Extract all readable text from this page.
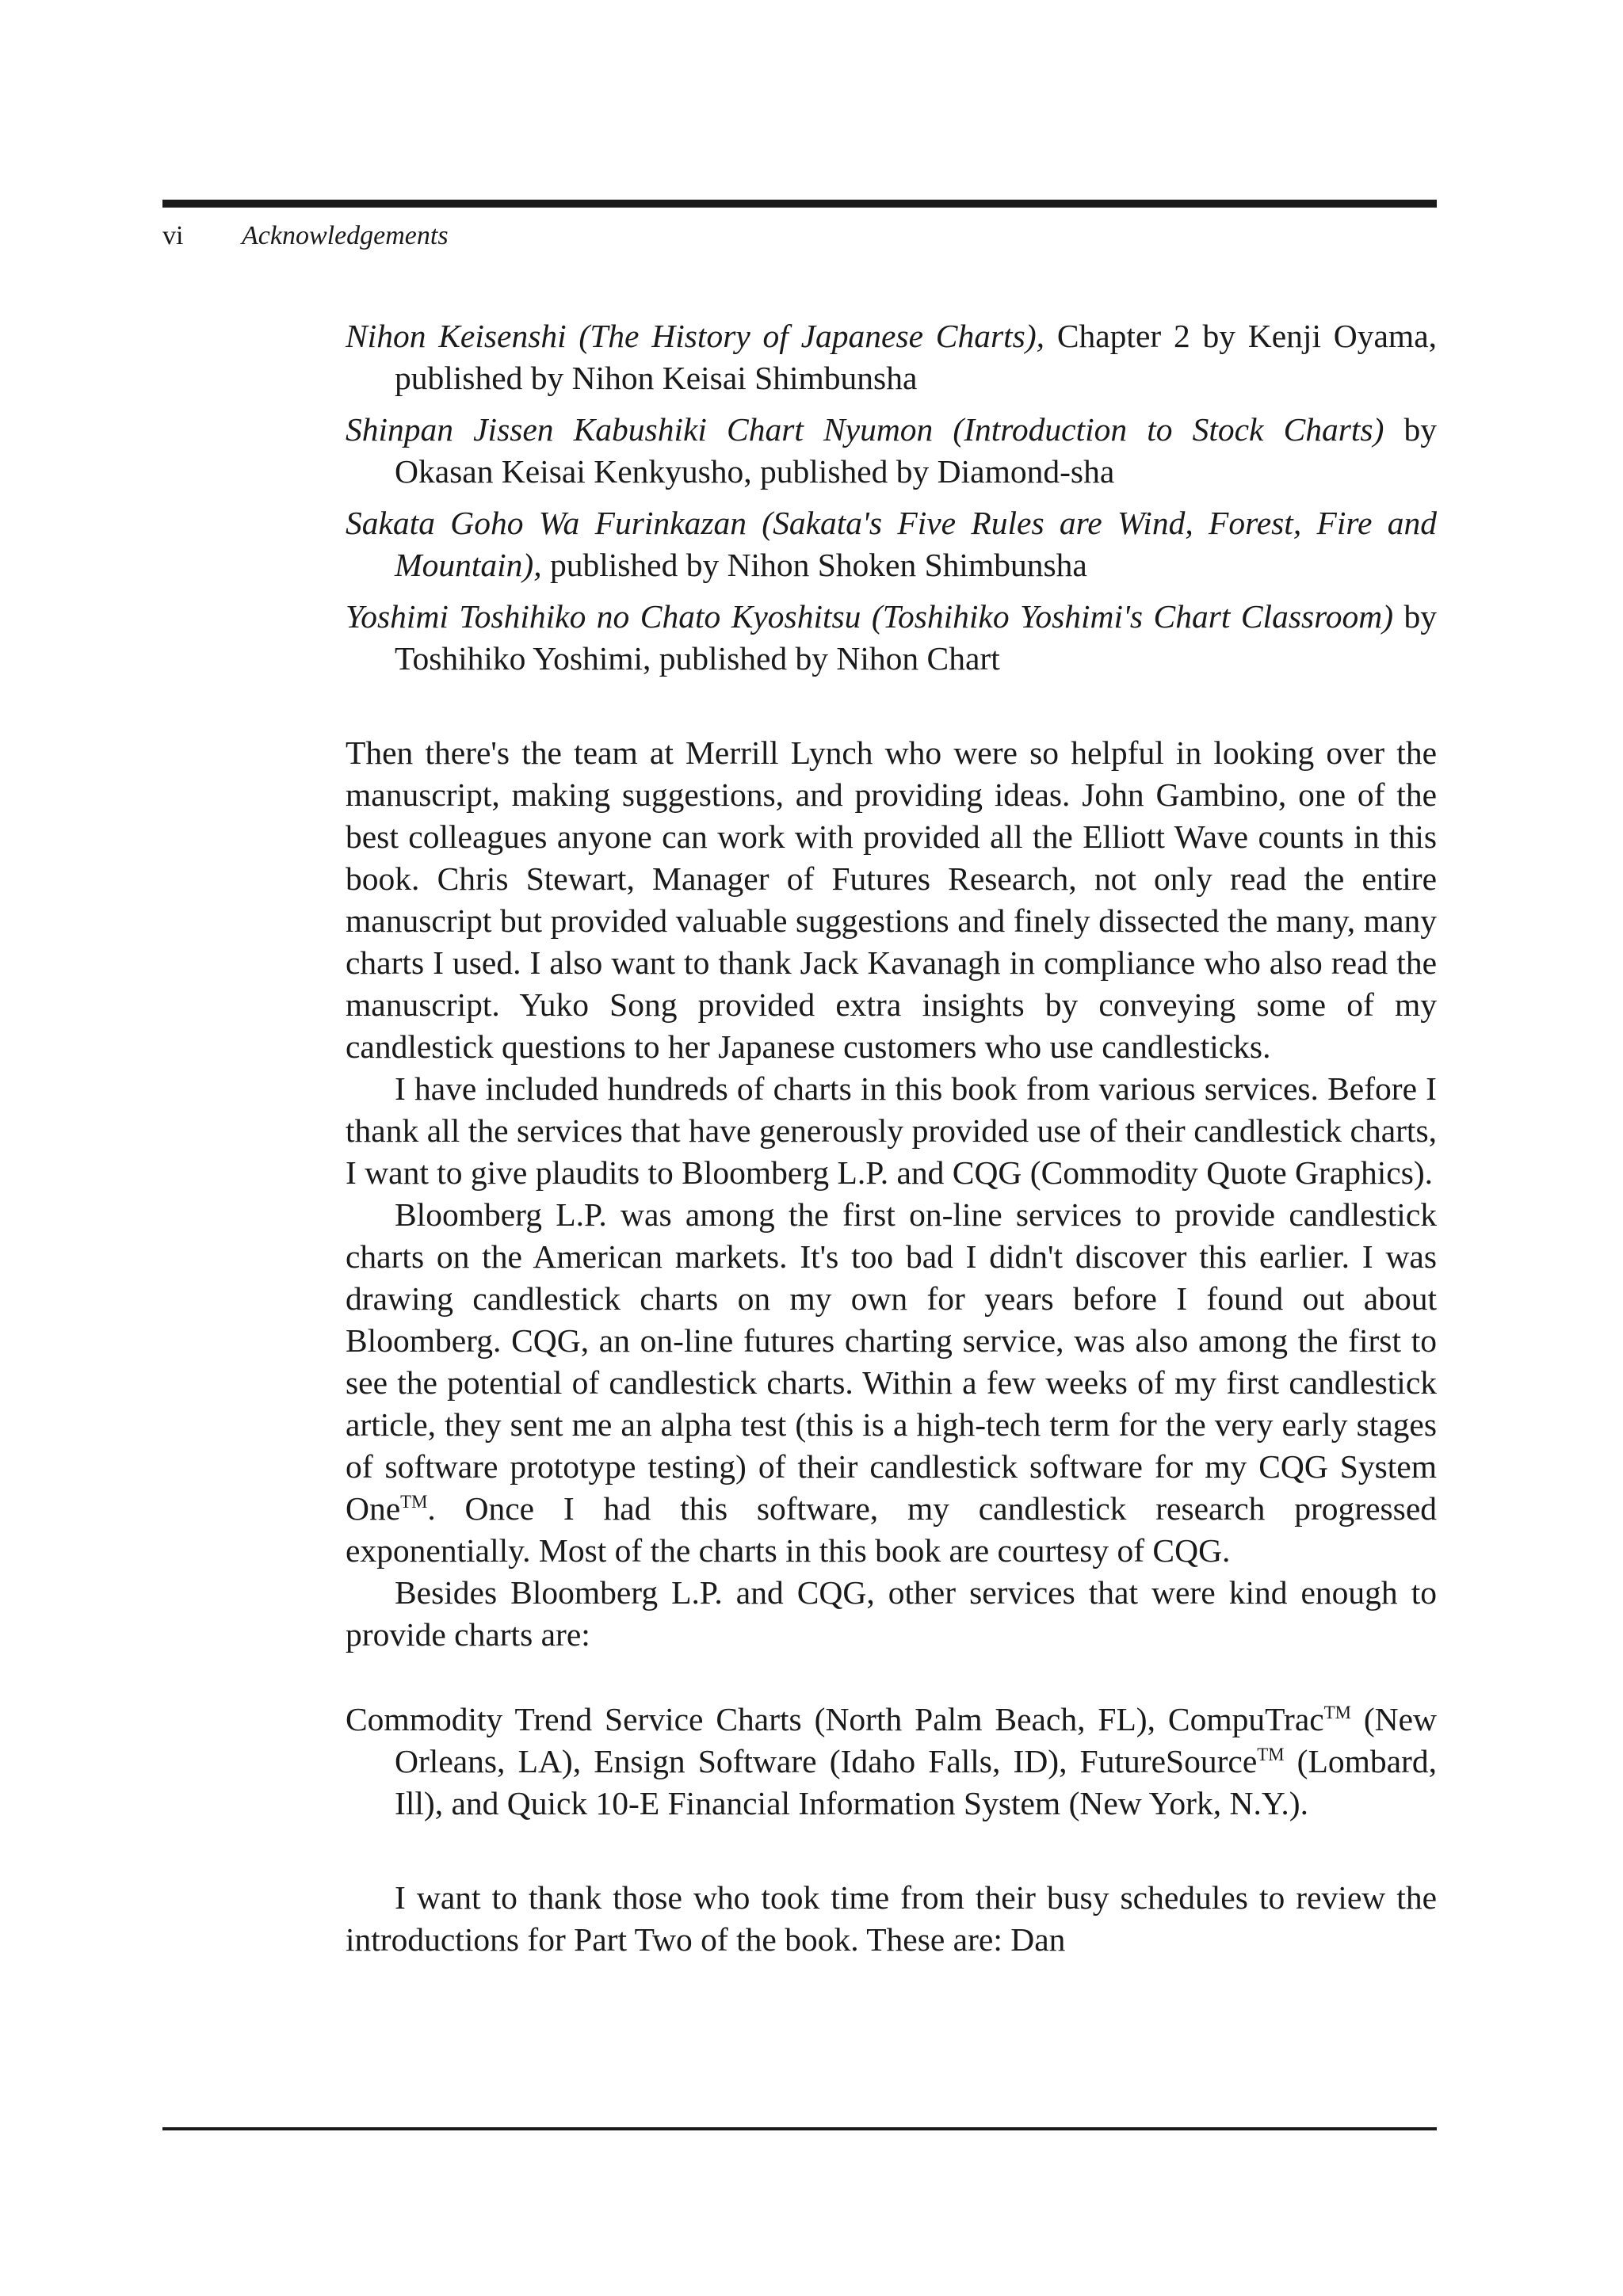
vi Acknowledgements
Nihon Keisenshi (The History of Japanese Charts), Chapter 2 by Kenji Oyama, published by Nihon Keisai Shimbunsha
Shinpan Jissen Kabushiki Chart Nyumon (Introduction to Stock Charts) by Okasan Keisai Kenkyusho, published by Diamond-sha
Sakata Goho Wa Furinkazan (Sakata's Five Rules are Wind, Forest, Fire and Mountain), published by Nihon Shoken Shimbunsha
Yoshimi Toshihiko no Chato Kyoshitsu (Toshihiko Yoshimi's Chart Classroom) by Toshihiko Yoshimi, published by Nihon Chart

Then there's the team at Merrill Lynch who were so helpful in looking over the manuscript, making suggestions, and providing ideas. John Gambino, one of the best colleagues anyone can work with provided all the Elliott Wave counts in this book. Chris Stewart, Manager of Futures Research, not only read the entire manuscript but provided valuable suggestions and finely dissected the many, many charts I used. I also want to thank Jack Kavanagh in compliance who also read the manuscript. Yuko Song provided extra insights by conveying some of my candlestick questions to her Japanese customers who use candlesticks.

I have included hundreds of charts in this book from various services. Before I thank all the services that have generously provided use of their candlestick charts, I want to give plaudits to Bloomberg L.P. and CQG (Commodity Quote Graphics).

Bloomberg L.P. was among the first on-line services to provide candlestick charts on the American markets. It's too bad I didn't discover this earlier. I was drawing candlestick charts on my own for years before I found out about Bloomberg. CQG, an on-line futures charting service, was also among the first to see the potential of candlestick charts. Within a few weeks of my first candlestick article, they sent me an alpha test (this is a high-tech term for the very early stages of software prototype testing) of their candlestick software for my CQG System One™. Once I had this software, my candlestick research progressed exponentially. Most of the charts in this book are courtesy of CQG.

Besides Bloomberg L.P. and CQG, other services that were kind enough to provide charts are:

Commodity Trend Service Charts (North Palm Beach, FL), CompuTrac™ (New Orleans, LA), Ensign Software (Idaho Falls, ID), FutureSource™ (Lombard, Ill), and Quick 10-E Financial Information System (New York, N.Y.).

I want to thank those who took time from their busy schedules to review the introductions for Part Two of the book. These are: Dan
